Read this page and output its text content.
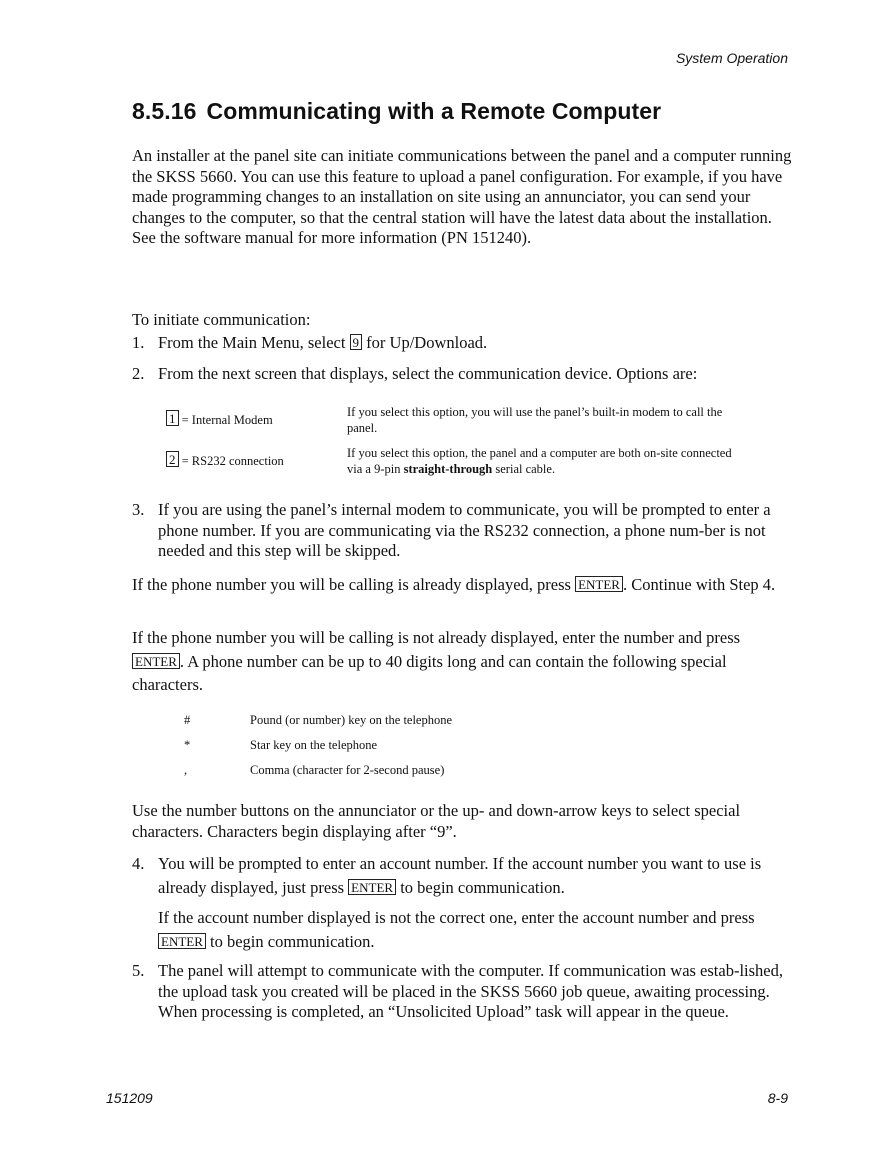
System Operation
8.5.16 Communicating with a Remote Computer

An installer at the panel site can initiate communications between the panel and a computer running the SKSS 5660. You can use this feature to upload a panel configuration. For example, if you have made programming changes to an installation on site using an annunciator, you can send your changes to the computer, so that the central station will have the latest data about the installation. See the software manual for more information (PN 151240).

To initiate communication:

1. From the Main Menu, select 9 for Up/Download.
2. From the next screen that displays, select the communication device. Options are:
1 = Internal Modem
If you select this option, you will use the panel’s built-in modem to call the panel.
2 = RS232 connection
If you select this option, the panel and a computer are both on-site connected via a 9-pin straight-through serial cable.
3. If you are using the panel’s internal modem to communicate, you will be prompted to enter a phone number. If you are communicating via the RS232 connection, a phone num-ber is not needed and this step will be skipped.

If the phone number you will be calling is already displayed, press ENTER . Continue with Step 4.

If the phone number you will be calling is not already displayed, enter the number and press ENTER . A phone number can be up to 40 digits long and can contain the following special characters.

#	Pound (or number) key on the telephone
*	Star key on the telephone
,	Comma (character for 2-second pause)

Use the number buttons on the annunciator or the up- and down-arrow keys to select special characters. Characters begin displaying after “9”.

4. You will be prompted to enter an account number. If the account number you want to use is already displayed, just press ENTER to begin communication.
If the account number displayed is not the correct one, enter the account number and press ENTER to begin communication.
5. The panel will attempt to communicate with the computer. If communication was estab-lished, the upload task you created will be placed in the SKSS 5660 job queue, awaiting processing. When processing is completed, an “Unsolicited Upload” task will appear in the queue.
151209	8-9
